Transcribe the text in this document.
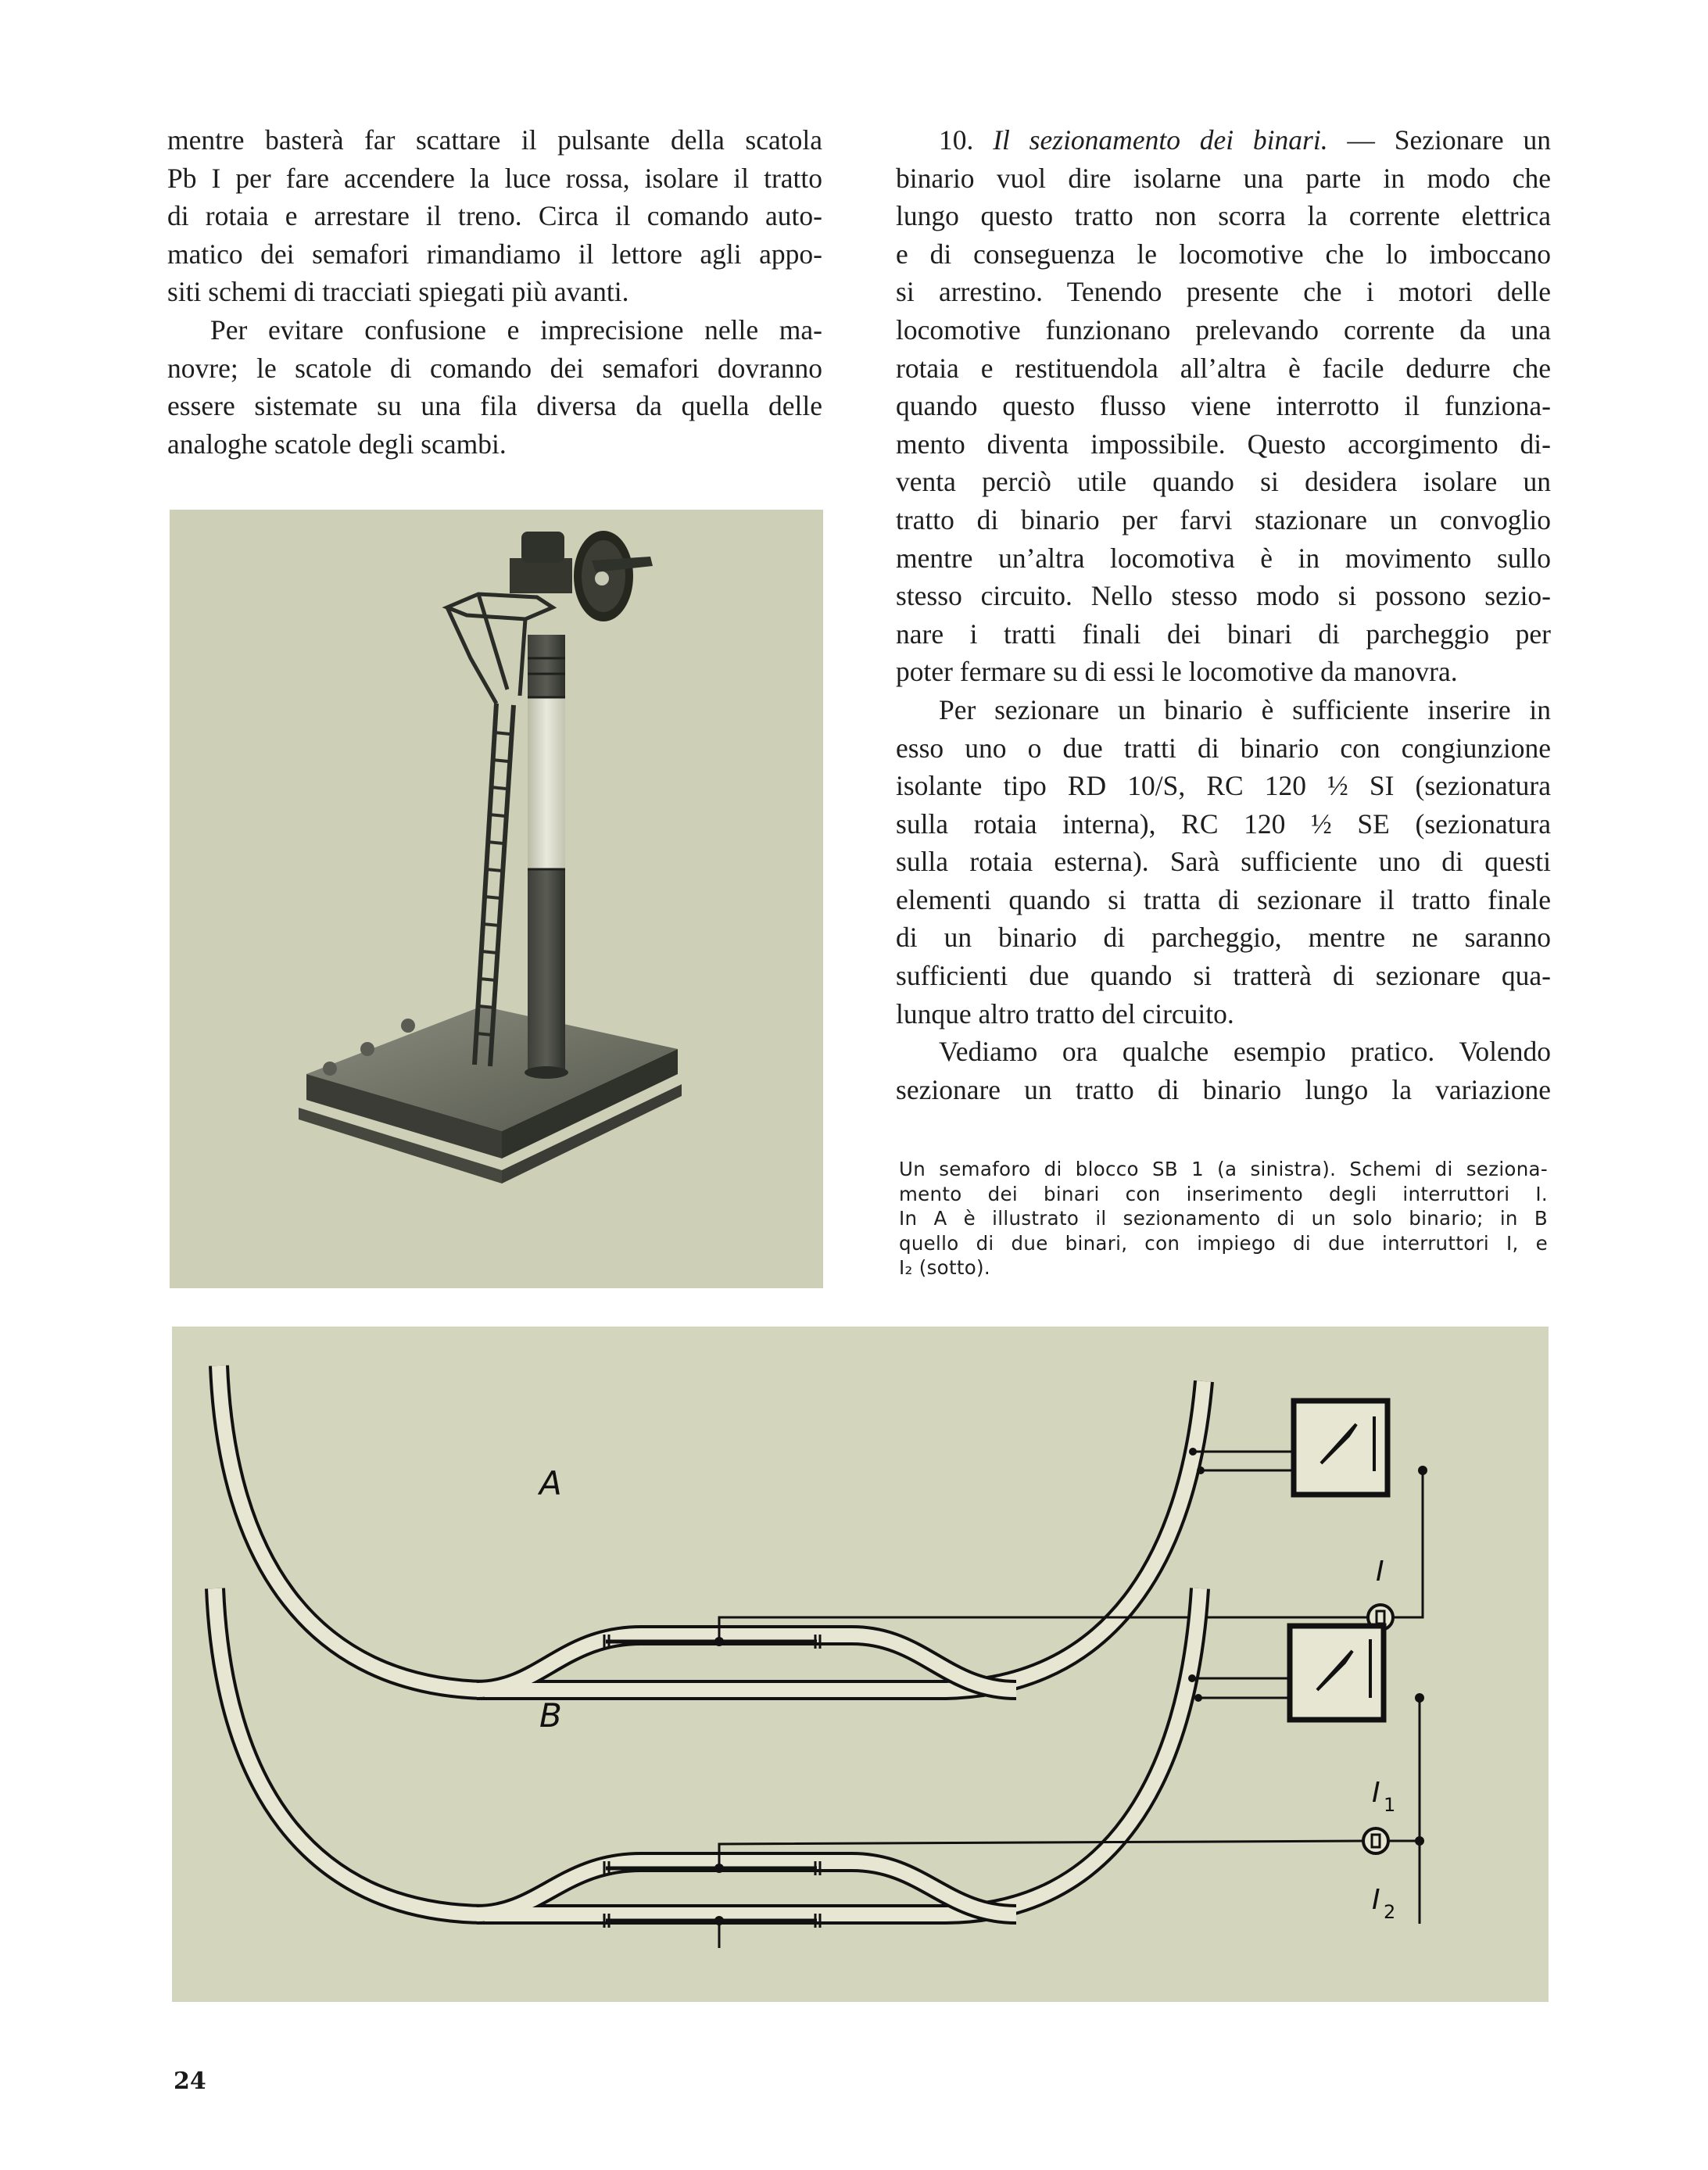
mentre basterà far scattare il pulsante della scatola
Pb I per fare accendere la luce rossa, isolare il tratto
di rotaia e arrestare il treno. Circa il comando auto-
matico dei semafori rimandiamo il lettore agli appo-
siti schemi di tracciati spiegati più avanti.
Per evitare confusione e imprecisione nelle ma-
novre; le scatole di comando dei semafori dovranno
essere sistemate su una fila diversa da quella delle
analoghe scatole degli scambi.
10. Il sezionamento dei binari. — Sezionare un
binario vuol dire isolarne una parte in modo che
lungo questo tratto non scorra la corrente elettrica
e di conseguenza le locomotive che lo imboccano
si arrestino. Tenendo presente che i motori delle
locomotive funzionano prelevando corrente da una
rotaia e restituendola all’altra è facile dedurre che
quando questo flusso viene interrotto il funziona-
mento diventa impossibile. Questo accorgimento di-
venta perciò utile quando si desidera isolare un
tratto di binario per farvi stazionare un convoglio
mentre un’altra locomotiva è in movimento sullo
stesso circuito. Nello stesso modo si possono sezio-
nare i tratti finali dei binari di parcheggio per
poter fermare su di essi le locomotive da manovra.
Per sezionare un binario è sufficiente inserire in
esso uno o due tratti di binario con congiunzione
isolante tipo RD 10/S, RC 120 ½ SI (sezionatura
sulla rotaia interna), RC 120 ½ SE (sezionatura
sulla rotaia esterna). Sarà sufficiente uno di questi
elementi quando si tratta di sezionare il tratto finale
di un binario di parcheggio, mentre ne saranno
sufficienti due quando si tratterà di sezionare qua-
lunque altro tratto del circuito.
Vediamo ora qualche esempio pratico. Volendo
sezionare un tratto di binario lungo la variazione
Un semaforo di blocco SB 1 (a sinistra). Schemi di seziona-
mento dei binari con inserimento degli interruttori I.
In A è illustrato il sezionamento di un solo binario; in B
quello di due binari, con impiego di due interruttori I, e
I₂ (sotto).
A
I
B
I 1
I 2
24
